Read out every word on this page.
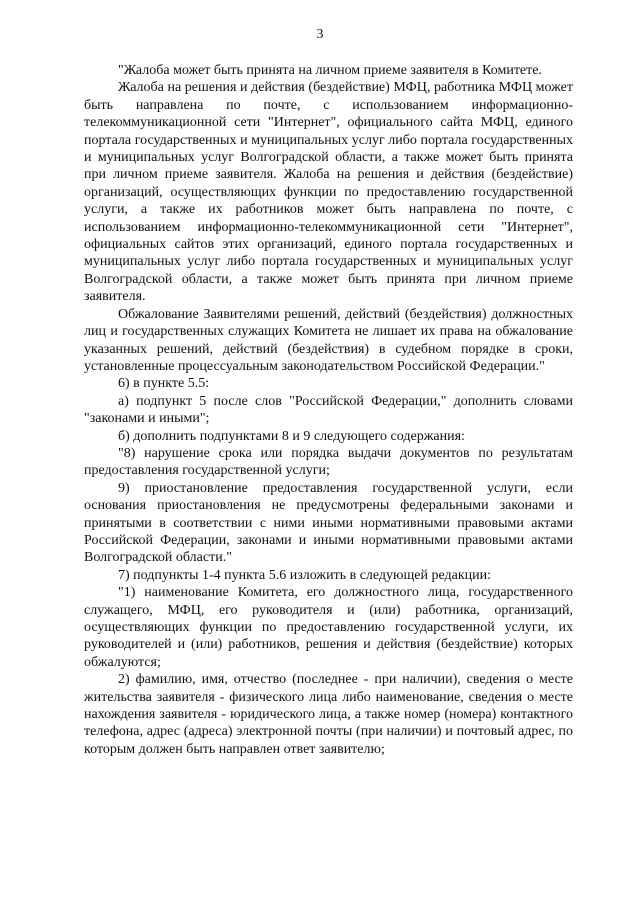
3

"Жалоба может быть принята на личном приеме заявителя в Комитете.

Жалоба на решения и действия (бездействие) МФЦ, работника МФЦ может быть направлена по почте, с использованием информационно-телекоммуникационной сети "Интернет", официального сайта МФЦ, единого портала государственных и муниципальных услуг либо портала государственных и муниципальных услуг Волгоградской области, а также может быть принята при личном приеме заявителя. Жалоба на решения и действия (бездействие) организаций, осуществляющих функции по предоставлению государственной услуги, а также их работников может быть направлена по почте, с использованием информационно-телекоммуникационной сети "Интернет", официальных сайтов этих организаций, единого портала государственных и муниципальных услуг либо портала государственных и муниципальных услуг Волгоградской области, а также может быть принята при личном приеме заявителя.

Обжалование Заявителями решений, действий (бездействия) должностных лиц и государственных служащих Комитета не лишает их права на обжалование указанных решений, действий (бездействия) в судебном порядке в сроки, установленные процессуальным законодательством Российской Федерации."

6) в пункте 5.5:

а) подпункт 5 после слов "Российской Федерации," дополнить словами "законами и иными";

б) дополнить подпунктами 8 и 9 следующего содержания:

"8) нарушение срока или порядка выдачи документов по результатам предоставления государственной услуги;

9) приостановление предоставления государственной услуги, если основания приостановления не предусмотрены федеральными законами и принятыми в соответствии с ними иными нормативными правовыми актами Российской Федерации, законами и иными нормативными правовыми актами Волгоградской области."

7) подпункты 1-4 пункта 5.6 изложить в следующей редакции:

"1) наименование Комитета, его должностного лица, государственного служащего, МФЦ, его руководителя и (или) работника, организаций, осуществляющих функции по предоставлению государственной услуги, их руководителей и (или) работников, решения и действия (бездействие) которых обжалуются;

2) фамилию, имя, отчество (последнее - при наличии), сведения о месте жительства заявителя - физического лица либо наименование, сведения о месте нахождения заявителя - юридического лица, а также номер (номера) контактного телефона, адрес (адреса) электронной почты (при наличии) и почтовый адрес, по которым должен быть направлен ответ заявителю;
